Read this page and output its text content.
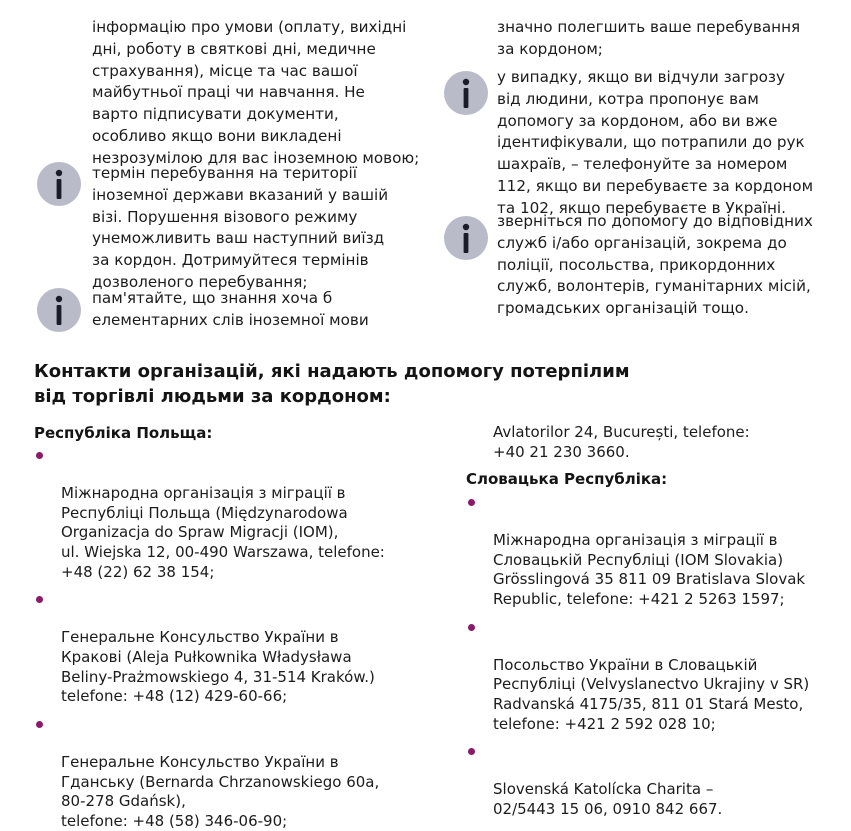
інформацію про умови (оплату, вихідні
дні, роботу в святкові дні, медичне
страхування), місце та час вашої
майбутньої праці чи навчання. Не
варто підписувати документи,
особливо якщо вони викладені
незрозумілою для вас іноземною мовою;
термін перебування на території
іноземної держави вказаний у вашій
візі. Порушення візового режиму
унеможливить ваш наступний виїзд
за кордон. Дотримуйтеся термінів
дозволеного перебування;
пам'ятайте, що знання хоча б
елементарних слів іноземної мови
значно полегшить ваше перебування
за кордоном;
у випадку, якщо ви відчули загрозу
від людини, котра пропонує вам
допомогу за кордоном, або ви вже
ідентифікували, що потрапили до рук
шахраїв, – телефонуйте за номером
112, якщо ви перебуваєте за кордоном
та 102, якщо перебуваєте в Україні.
зверніться по допомогу до відповідних
служб і/або організацій, зокрема до
поліції, посольства, прикордонних
служб, волонтерів, гуманітарних місій,
громадських організацій тощо.
Контакти організацій, які надають допомогу потерпілим
від торгівлі людьми за кордоном:
Республіка Польща:

Міжнародна організація з міграції в
Республіці Польща (Międzynarodowa
Organizacja do Spraw Migracji (IOM),
ul. Wiejska 12, 00-490 Warszawa, telefone:
+48 (22) 62 38 154;

Генеральне Консульство України в
Кракові (Aleja Pułkownika Władysława
Beliny-Prażmowskiego 4, 31-514 Kraków.)
telefone: +48 (12) 429-60-66;

Генеральне Консульство України в
Гданську (Bernarda Chrzanowskiego 60a,
80-278 Gdańsk),
telefone: +48 (58) 346-06-90;

Avlatorilor 24, București, telefone:
+40 21 230 3660.
Словацька Республіка:

Міжнародна організація з міграції в
Словацькій Республіці (IOM Slovakia)
Grösslingová 35 811 09 Bratislava Slovak
Republic, telefone: +421 2 5263 1597;

Посольство України в Словацькій
Республіці (Velvyslanectvo Ukrajiny v SR)
Radvanská 4175/35, 811 01 Stará Mesto,
telefone: +421 2 592 028 10;

Slovenská Katolícka Charita –
02/5443 15 06, 0910 842 667.
